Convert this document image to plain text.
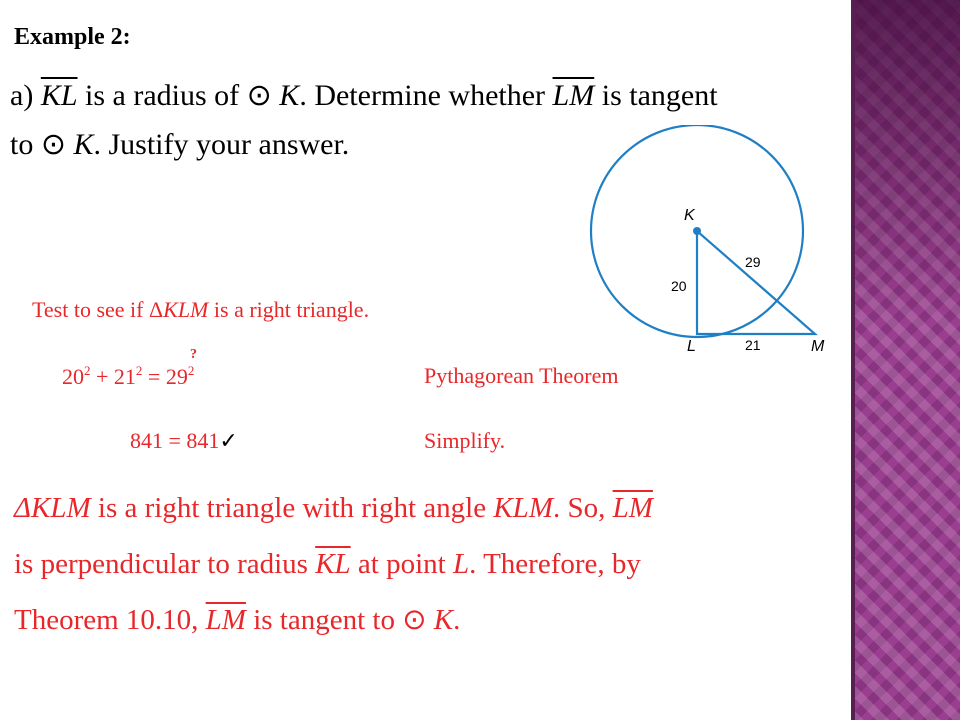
Example 2:
a) $\overline{KL}$ is a radius of ⊙ K. Determine whether $\overline{LM}$ is tangent
to ⊙ K. Justify your answer.
K
L	M
20
21
29
Test to see if ΔKLM is a right triangle.
?
$20^2 + 21^2 = 29^2$	Pythagorean Theorem
841 = 841✓	Simplify.
ΔKLM is a right triangle with right angle KLM. So, $\overline{LM}$
is perpendicular to radius $\overline{KL}$ at point L. Therefore, by
Theorem 10.10, $\overline{LM}$ is tangent to ⊙ K.
